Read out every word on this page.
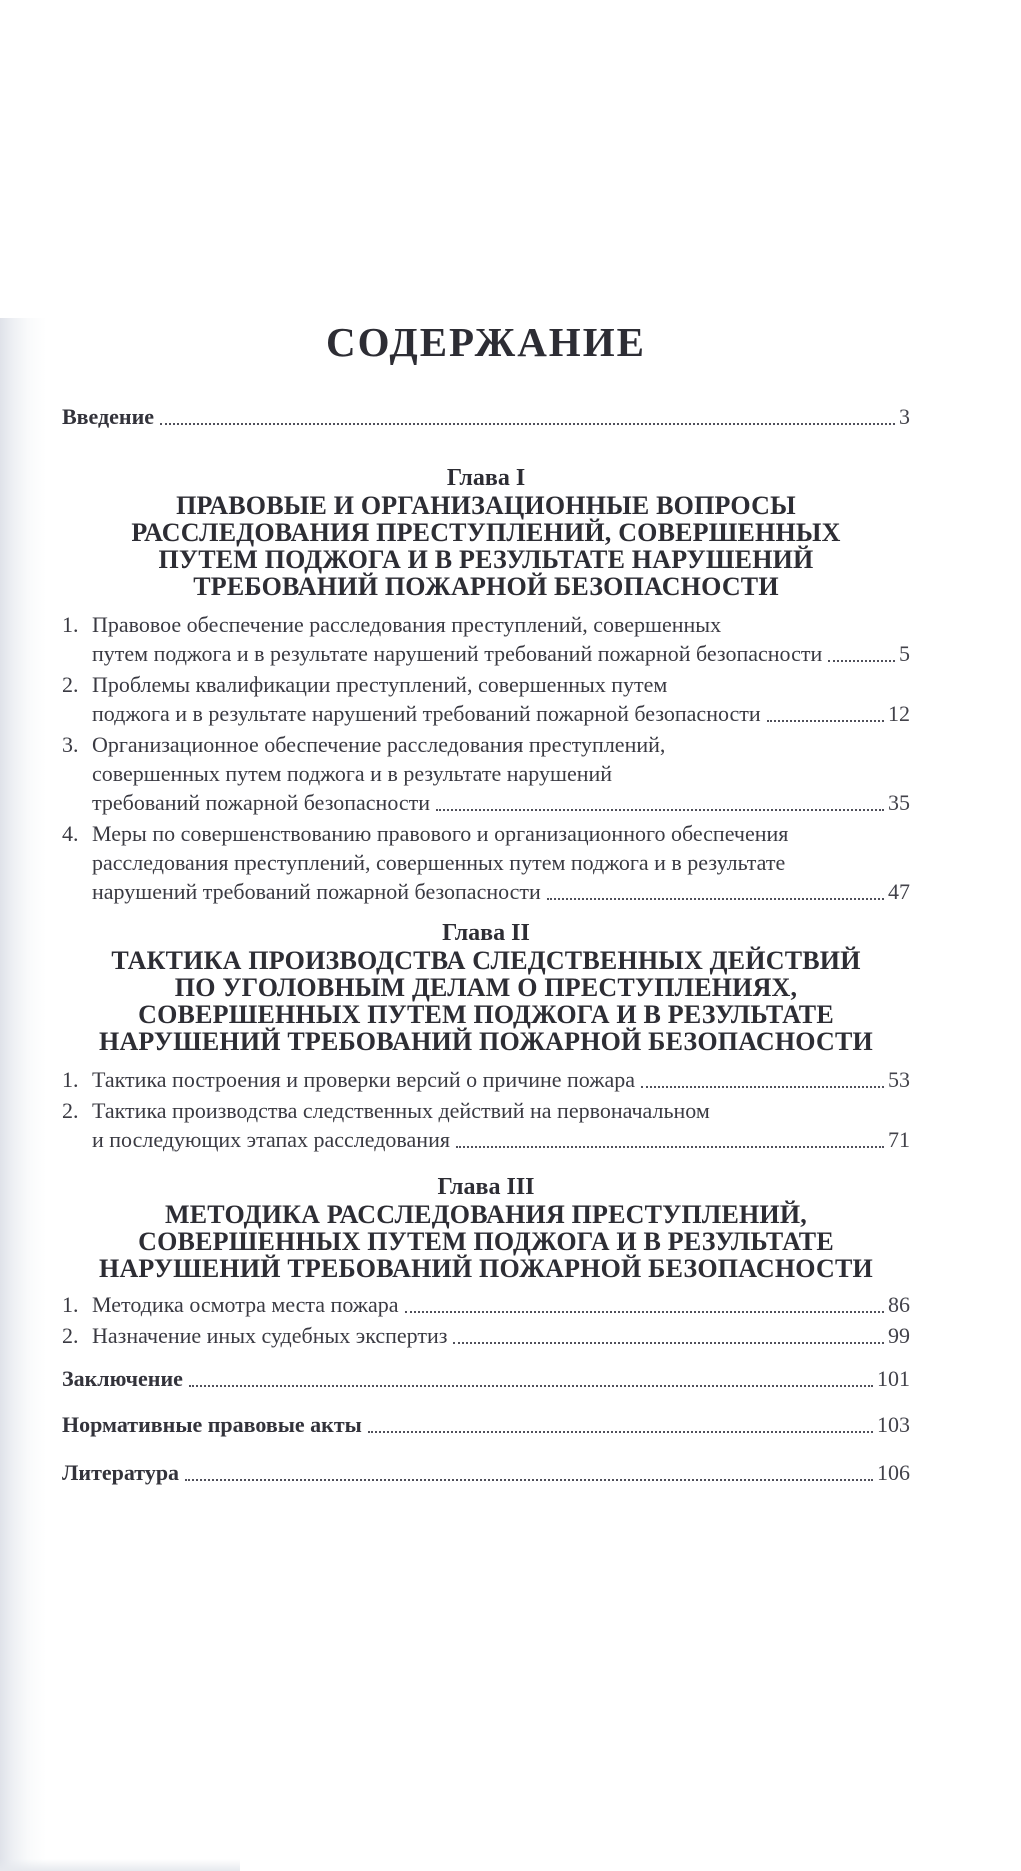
СОДЕРЖАНИЕ
Введение	3
Глава I
ПРАВОВЫЕ И ОРГАНИЗАЦИОННЫЕ ВОПРОСЫ
РАССЛЕДОВАНИЯ ПРЕСТУПЛЕНИЙ, СОВЕРШЕННЫХ
ПУТЕМ ПОДЖОГА И В РЕЗУЛЬТАТЕ НАРУШЕНИЙ
ТРЕБОВАНИЙ ПОЖАРНОЙ БЕЗОПАСНОСТИ
1. Правовое обеспечение расследования преступлений, совершенных
путем поджога и в результате нарушений требований пожарной безопасности	5
2. Проблемы квалификации преступлений, совершенных путем
поджога и в результате нарушений требований пожарной безопасности	12
3. Организационное обеспечение расследования преступлений,
совершенных путем поджога и в результате нарушений
требований пожарной безопасности	35
4. Меры по совершенствованию правового и организационного обеспечения
расследования преступлений, совершенных путем поджога и в результате
нарушений требований пожарной безопасности	47
Глава II
ТАКТИКА ПРОИЗВОДСТВА СЛЕДСТВЕННЫХ ДЕЙСТВИЙ
ПО УГОЛОВНЫМ ДЕЛАМ О ПРЕСТУПЛЕНИЯХ,
СОВЕРШЕННЫХ ПУТЕМ ПОДЖОГА И В РЕЗУЛЬТАТЕ
НАРУШЕНИЙ ТРЕБОВАНИЙ ПОЖАРНОЙ БЕЗОПАСНОСТИ
1. Тактика построения и проверки версий о причине пожара	53
2. Тактика производства следственных действий на первоначальном
и последующих этапах расследования	71
Глава III
МЕТОДИКА РАССЛЕДОВАНИЯ ПРЕСТУПЛЕНИЙ,
СОВЕРШЕННЫХ ПУТЕМ ПОДЖОГА И В РЕЗУЛЬТАТЕ
НАРУШЕНИЙ ТРЕБОВАНИЙ ПОЖАРНОЙ БЕЗОПАСНОСТИ
1. Методика осмотра места пожара	86
2. Назначение иных судебных экспертиз	99
Заключение	101
Нормативные правовые акты	103
Литература	106
